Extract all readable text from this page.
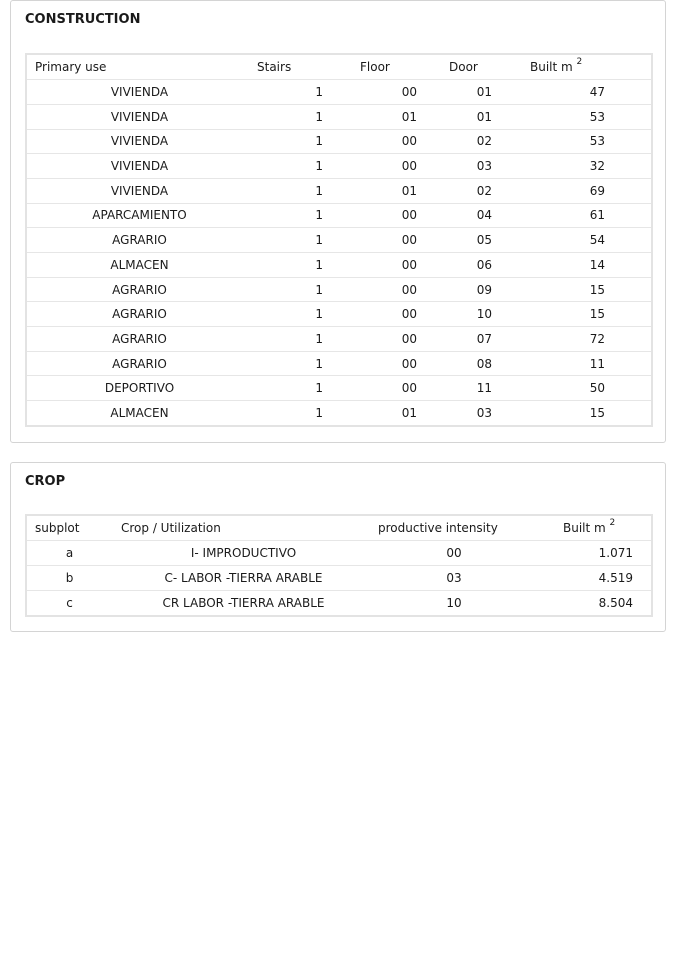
CONSTRUCTION
Primary use	Stairs	Floor	Door	Built m $^2$
VIVIENDA	1	00	01	47
VIVIENDA	1	01	01	53
VIVIENDA	1	00	02	53
VIVIENDA	1	00	03	32
VIVIENDA	1	01	02	69
APARCAMIENTO	1	00	04	61
AGRARIO	1	00	05	54
ALMACEN	1	00	06	14
AGRARIO	1	00	09	15
AGRARIO	1	00	10	15
AGRARIO	1	00	07	72
AGRARIO	1	00	08	11
DEPORTIVO	1	00	11	50
ALMACEN	1	01	03	15
CROP
subplot	Crop / Utilization	productive intensity	Built m $^2$
a	I- IMPRODUCTIVO	00	1.071
b	C- LABOR -TIERRA ARABLE	03	4.519
c	CR LABOR -TIERRA ARABLE	10	8.504
